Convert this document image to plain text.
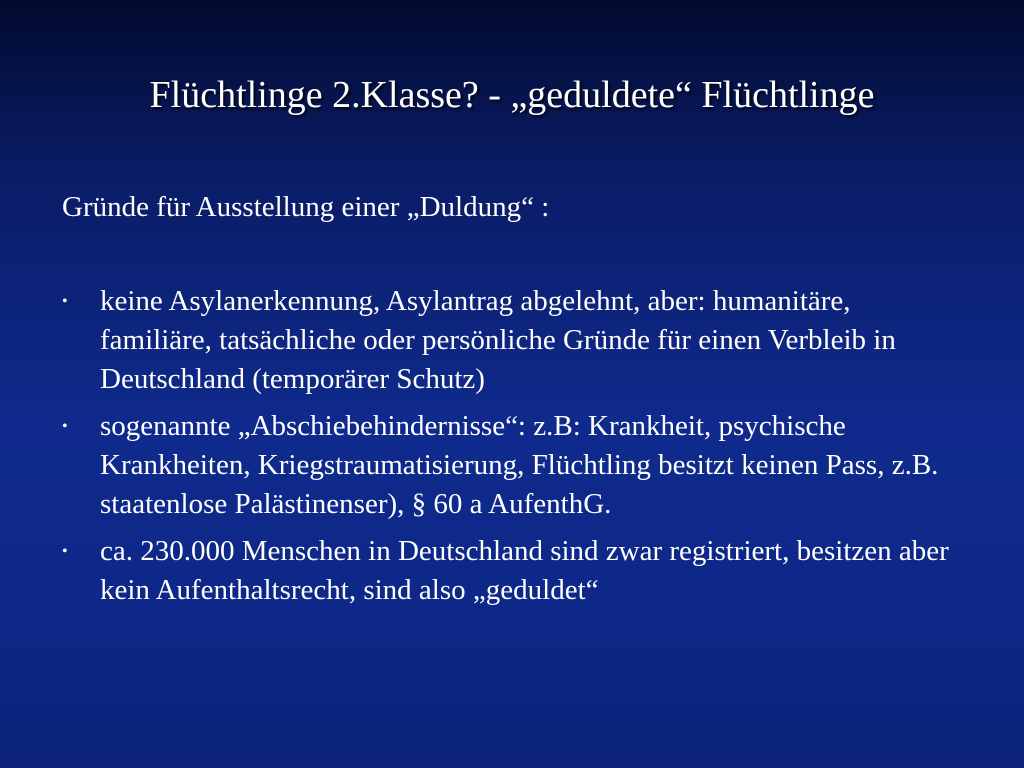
Flüchtlinge 2.Klasse? - „geduldete“ Flüchtlinge

Gründe für Ausstellung einer „Duldung“ :

• keine Asylanerkennung, Asylantrag abgelehnt, aber: humanitäre, familiäre, tatsächliche oder persönliche Gründe für einen Verbleib in Deutschland (temporärer Schutz)
• sogenannte „Abschiebehindernisse“: z.B: Krankheit, psychische Krankheiten, Kriegstraumatisierung, Flüchtling besitzt keinen Pass, z.B. staatenlose Palästinenser), § 60 a AufenthG.
• ca. 230.000 Menschen in Deutschland sind zwar registriert, besitzen aber kein Aufenthaltsrecht, sind also „geduldet“
